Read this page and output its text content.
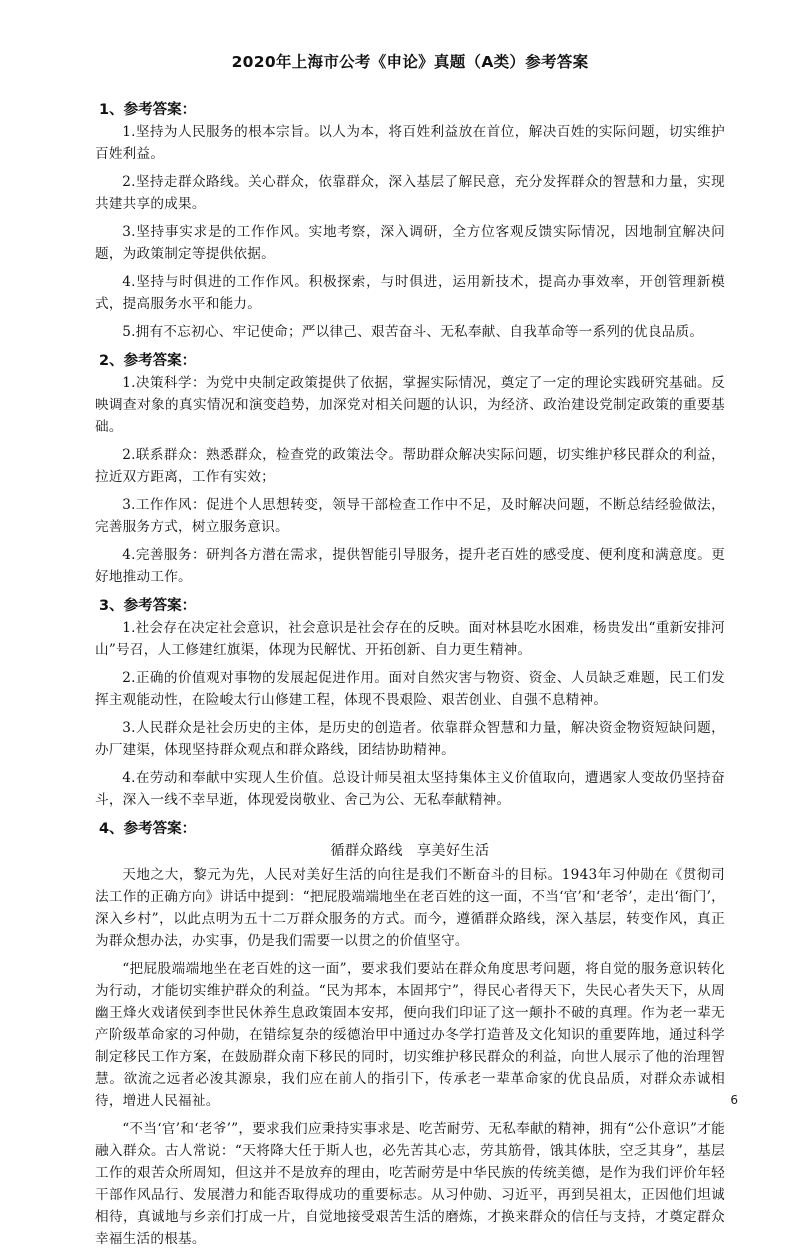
2020年上海市公考《申论》真题（A类）参考答案
1、参考答案：

1.坚持为人民服务的根本宗旨。以人为本，将百姓利益放在首位，解决百姓的实际问题，切实维护百姓利益。

2.坚持走群众路线。关心群众，依靠群众，深入基层了解民意，充分发挥群众的智慧和力量，实现共建共享的成果。

3.坚持事实求是的工作作风。实地考察，深入调研，全方位客观反馈实际情况，因地制宜解决问题，为政策制定等提供依据。

4.坚持与时俱进的工作作风。积极探索，与时俱进，运用新技术，提高办事效率，开创管理新模式，提高服务水平和能力。

5.拥有不忘初心、牢记使命；严以律己、艰苦奋斗、无私奉献、自我革命等一系列的优良品质。

2、参考答案：

1.决策科学：为党中央制定政策提供了依据，掌握实际情况，奠定了一定的理论实践研究基础。反映调查对象的真实情况和演变趋势，加深党对相关问题的认识，为经济、政治建设党制定政策的重要基础。

2.联系群众：熟悉群众，检查党的政策法令。帮助群众解决实际问题，切实维护移民群众的利益，拉近双方距离，工作有实效；

3.工作作风：促进个人思想转变，领导干部检查工作中不足，及时解决问题，不断总结经验做法，完善服务方式，树立服务意识。

4.完善服务：研判各方潜在需求，提供智能引导服务，提升老百姓的感受度、便利度和满意度。更好地推动工作。

3、参考答案：

1.社会存在决定社会意识，社会意识是社会存在的反映。面对林县吃水困难，杨贵发出“重新安排河山”号召，人工修建红旗渠，体现为民解忧、开拓创新、自力更生精神。

2.正确的价值观对事物的发展起促进作用。面对自然灾害与物资、资金、人员缺乏难题，民工们发挥主观能动性，在险峻太行山修建工程，体现不畏艰险、艰苦创业、自强不息精神。

3.人民群众是社会历史的主体，是历史的创造者。依靠群众智慧和力量，解决资金物资短缺问题，办厂建渠，体现坚持群众观点和群众路线，团结协助精神。

4.在劳动和奉献中实现人生价值。总设计师吴祖太坚持集体主义价值取向，遭遇家人变故仍坚持奋斗，深入一线不幸早逝，体现爱岗敬业、舍己为公、无私奉献精神。

4、参考答案：
循群众路线 享美好生活

天地之大，黎元为先，人民对美好生活的向往是我们不断奋斗的目标。1943年习仲勋在《贯彻司法工作的正确方向》讲话中提到：“把屁股端端地坐在老百姓的这一面，不当‘官’和‘老爷’，走出‘衙门’，深入乡村”，以此点明为五十二万群众服务的方式。而今，遵循群众路线，深入基层，转变作风，真正为群众想办法，办实事，仍是我们需要一以贯之的价值坚守。

“把屁股端端地坐在老百姓的这一面”，要求我们要站在群众角度思考问题，将自觉的服务意识转化为行动，才能切实维护群众的利益。“民为邦本，本固邦宁”，得民心者得天下，失民心者失天下，从周幽王烽火戏诸侯到李世民休养生息政策固本安邦，便向我们印证了这一颠扑不破的真理。作为老一辈无产阶级革命家的习仲勋，在错综复杂的绥德治甲中通过办冬学打造普及文化知识的重要阵地，通过科学制定移民工作方案，在鼓励群众南下移民的同时，切实维护移民群众的利益，向世人展示了他的治理智慧。欲流之远者必浚其源泉，我们应在前人的指引下，传承老一辈革命家的优良品质，对群众赤诚相待，增进人民福祉。

“不当‘官’和‘老爷’”，要求我们应秉持实事求是、吃苦耐劳、无私奉献的精神，拥有“公仆意识”才能融入群众。古人常说：“天将降大任于斯人也，必先苦其心志，劳其筋骨，饿其体肤，空乏其身”，基层工作的艰苦众所周知，但这并不是放弃的理由，吃苦耐劳是中华民族的传统美德，是作为我们评价年轻干部作风品行、发展潜力和能否取得成功的重要标志。从习仲勋、习近平，再到吴祖太，正因他们坦诚相待，真诚地与乡亲们打成一片，自觉地接受艰苦生活的磨炼，才换来群众的信任与支持，才奠定群众幸福生活的根基。

6
